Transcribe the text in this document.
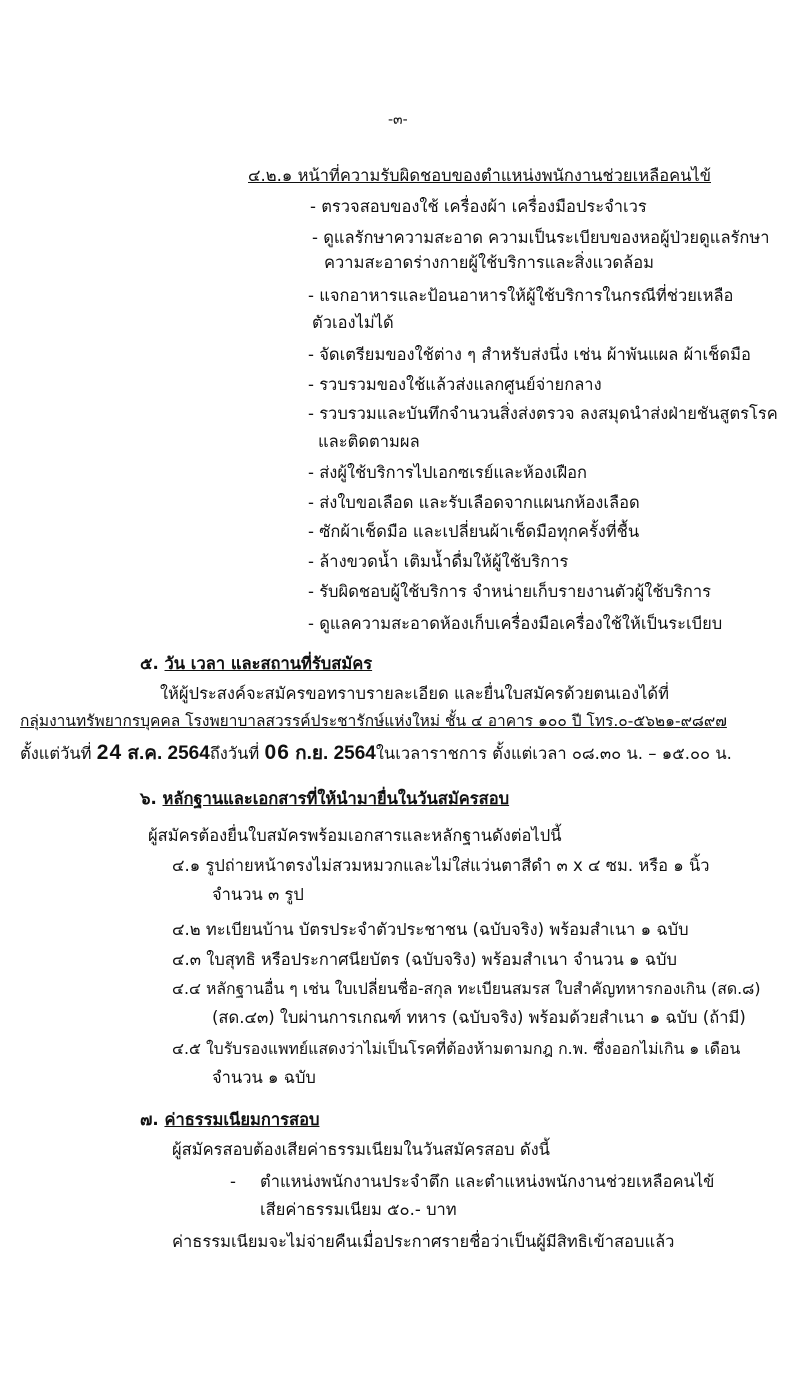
-๓-
๔.๒.๑ หน้าที่ความรับผิดชอบของตำแหน่งพนักงานช่วยเหลือคนไข้
- ตรวจสอบของใช้ เครื่องผ้า เครื่องมือประจำเวร
- ดูแลรักษาความสะอาด ความเป็นระเบียบของหอผู้ป่วยดูแลรักษา
ความสะอาดร่างกายผู้ใช้บริการและสิ่งแวดล้อม
- แจกอาหารและป้อนอาหารให้ผู้ใช้บริการในกรณีที่ช่วยเหลือ
ตัวเองไม่ได้
- จัดเตรียมของใช้ต่าง ๆ สำหรับส่งนึ่ง เช่น ผ้าพันแผล ผ้าเช็ดมือ
- รวบรวมของใช้แล้วส่งแลกศูนย์จ่ายกลาง
- รวบรวมและบันทึกจำนวนสิ่งส่งตรวจ ลงสมุดนำส่งฝ่ายชันสูตรโรค
และติดตามผล
- ส่งผู้ใช้บริการไปเอกซเรย์และห้องเฝือก
- ส่งใบขอเลือด และรับเลือดจากแผนกห้องเลือด
- ซักผ้าเช็ดมือ และเปลี่ยนผ้าเช็ดมือทุกครั้งที่ชื้น
- ล้างขวดน้ำ เติมน้ำดื่มให้ผู้ใช้บริการ
- รับผิดชอบผู้ใช้บริการ จำหน่ายเก็บรายงานตัวผู้ใช้บริการ
- ดูแลความสะอาดห้องเก็บเครื่องมือเครื่องใช้ให้เป็นระเบียบ
๕. วัน เวลา และสถานที่รับสมัคร
ให้ผู้ประสงค์จะสมัครขอทราบรายละเอียด และยื่นใบสมัครด้วยตนเองได้ที่
กลุ่มงานทรัพยากรบุคคล โรงพยาบาลสวรรค์ประชารักษ์แห่งใหม่ ชั้น ๔ อาคาร ๑๐๐ ปี โทร.๐-๕๖๒๑-๙๘๙๗
ตั้งแต่วันที่ 24 ส.ค. 2564ถึงวันที่ 06 ก.ย. 2564ในเวลาราชการ ตั้งแต่เวลา ๐๘.๓๐ น. – ๑๕.๐๐ น.
๖. หลักฐานและเอกสารที่ให้นำมายื่นในวันสมัครสอบ
ผู้สมัครต้องยื่นใบสมัครพร้อมเอกสารและหลักฐานดังต่อไปนี้
๔.๑ รูปถ่ายหน้าตรงไม่สวมหมวกและไม่ใส่แว่นตาสีดำ ๓ x ๔ ซม. หรือ ๑ นิ้ว
จำนวน ๓ รูป
๔.๒ ทะเบียนบ้าน บัตรประจำตัวประชาชน (ฉบับจริง) พร้อมสำเนา ๑ ฉบับ
๔.๓ ใบสุทธิ หรือประกาศนียบัตร (ฉบับจริง) พร้อมสำเนา จำนวน ๑ ฉบับ
๔.๔ หลักฐานอื่น ๆ เช่น ใบเปลี่ยนชื่อ-สกุล ทะเบียนสมรส ใบสำคัญทหารกองเกิน (สด.๘)
(สด.๔๓) ใบผ่านการเกณฑ์ ทหาร (ฉบับจริง) พร้อมด้วยสำเนา ๑ ฉบับ (ถ้ามี)
๔.๕ ใบรับรองแพทย์แสดงว่าไม่เป็นโรคที่ต้องห้ามตามกฎ ก.พ. ซึ่งออกไม่เกิน ๑ เดือน
จำนวน ๑ ฉบับ
๗. ค่าธรรมเนียมการสอบ
ผู้สมัครสอบต้องเสียค่าธรรมเนียมในวันสมัครสอบ ดังนี้
- ตำแหน่งพนักงานประจำตึก และตำแหน่งพนักงานช่วยเหลือคนไข้
เสียค่าธรรมเนียม ๕๐.- บาท
ค่าธรรมเนียมจะไม่จ่ายคืนเมื่อประกาศรายชื่อว่าเป็นผู้มีสิทธิเข้าสอบแล้ว
